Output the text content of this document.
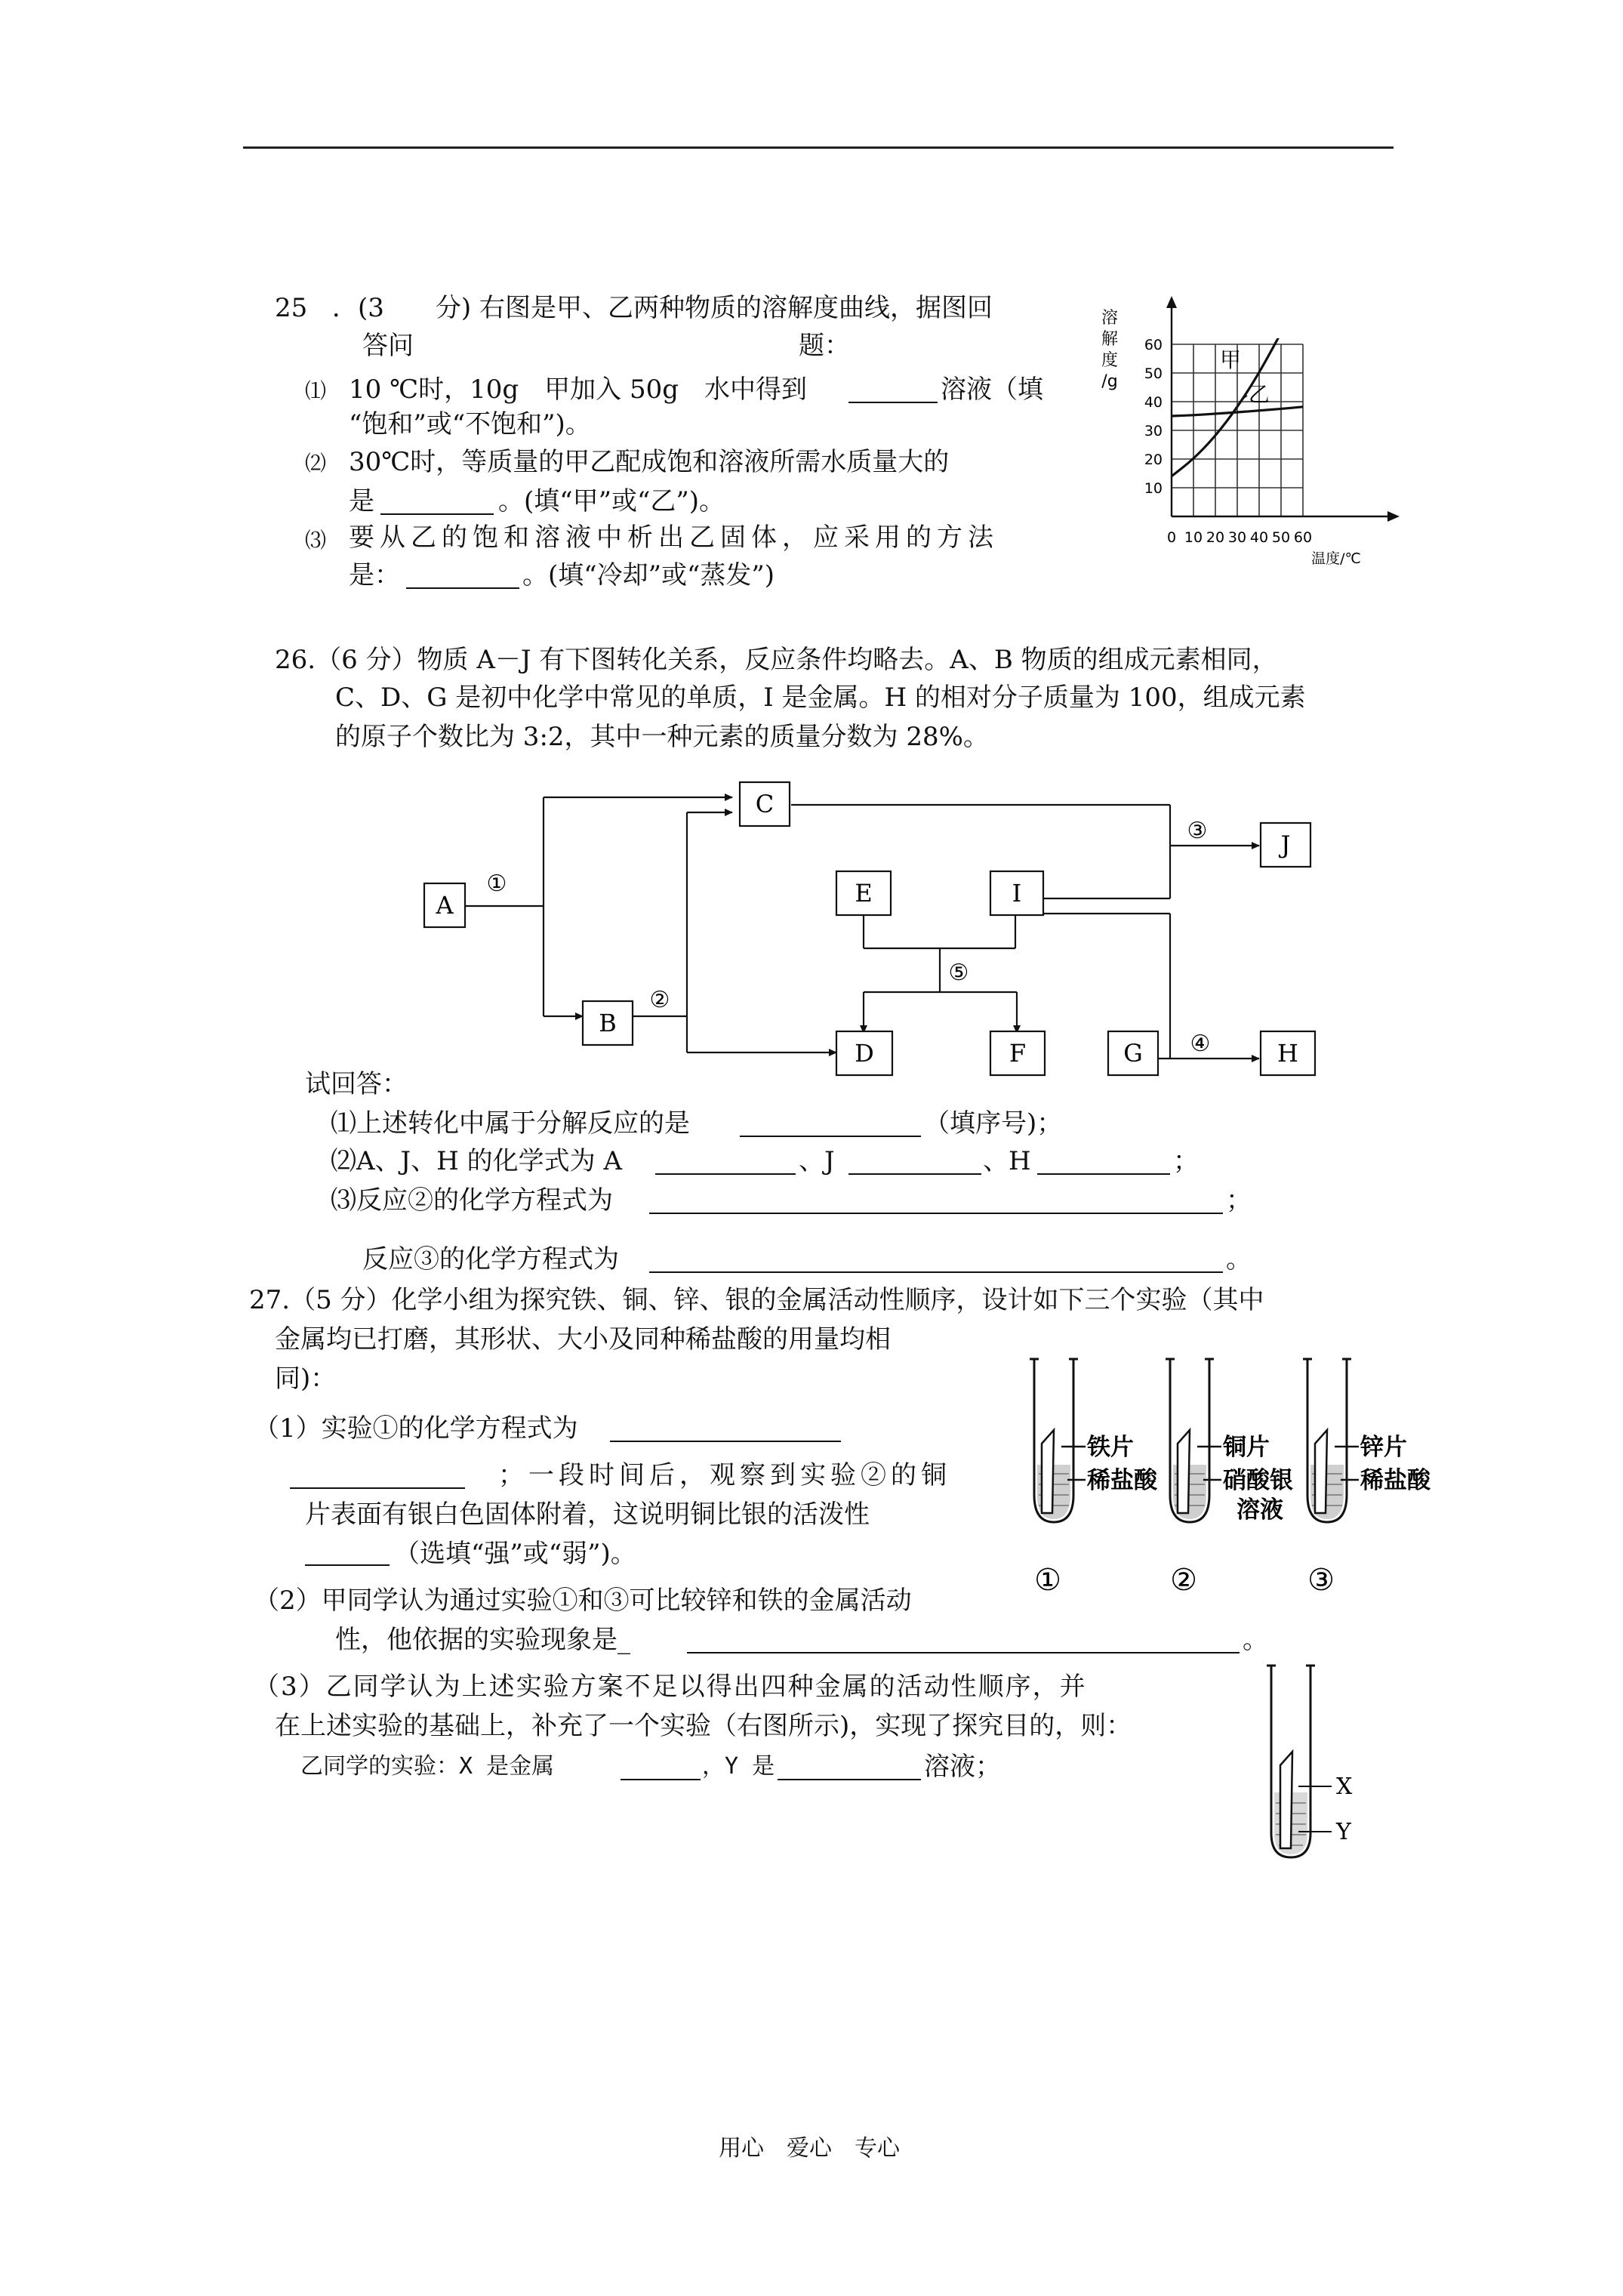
25 ．(3　　分) 右图是甲、乙两种物质的溶解度曲线，据图回
答问　　　　　　　　　　　　　　　题：
⑴ 10 ℃时，10g　甲加入 50g　水中得到	溶液（填
“饱和”或“不饱和”)。
⑵ 30℃时，等质量的甲乙配成饱和溶液所需水质量大的
是	。(填“甲”或“乙”)。
⑶ 要从乙的饱和溶液中析出乙固体，应采用的方法
是：	。(填“冷却”或“蒸发”)
0 10 20 30 40 50 60
10
20
30
40
50
60
溶
解
度
/g
温度/℃
甲
乙
26.（6 分）物质 A－J 有下图转化关系，反应条件均略去。A、B 物质的组成元素相同，
C、D、G 是初中化学中常见的单质，I 是金属。H 的相对分子质量为 100，组成元素
的原子个数比为 3:2，其中一种元素的质量分数为 28%。
A
B
C
D
E
F	G	H
I
J
①
②
③
④
⑤
试回答：
⑴上述转化中属于分解反应的是	（填序号)；
⑵A、J、H 的化学式为 A	、J	、H	；
⑶反应②的化学方程式为	；
反应③的化学方程式为	。
27.（5 分）化学小组为探究铁、铜、锌、银的金属活动性顺序，设计如下三个实验（其中
金属均已打磨，其形状、大小及同种稀盐酸的用量均相
同)：
（1）实验①的化学方程式为
；一段时间后，观察到实验②的铜
片表面有银白色固体附着，这说明铜比银的活泼性
（选填“强”或“弱”)。
（2）甲同学认为通过实验①和③可比较锌和铁的金属活动
性，他依据的实验现象是_	。
（3）乙同学认为上述实验方案不足以得出四种金属的活动性顺序，并
在上述实验的基础上，补充了一个实验（右图所示)，实现了探究目的，则：
乙同学的实验：X 是金属	，Y 是	溶液；
铁片
稀盐酸
①
铜片
硝酸银
溶液
②
锌片
稀盐酸
③
X
Y
用心　爱心　专心
